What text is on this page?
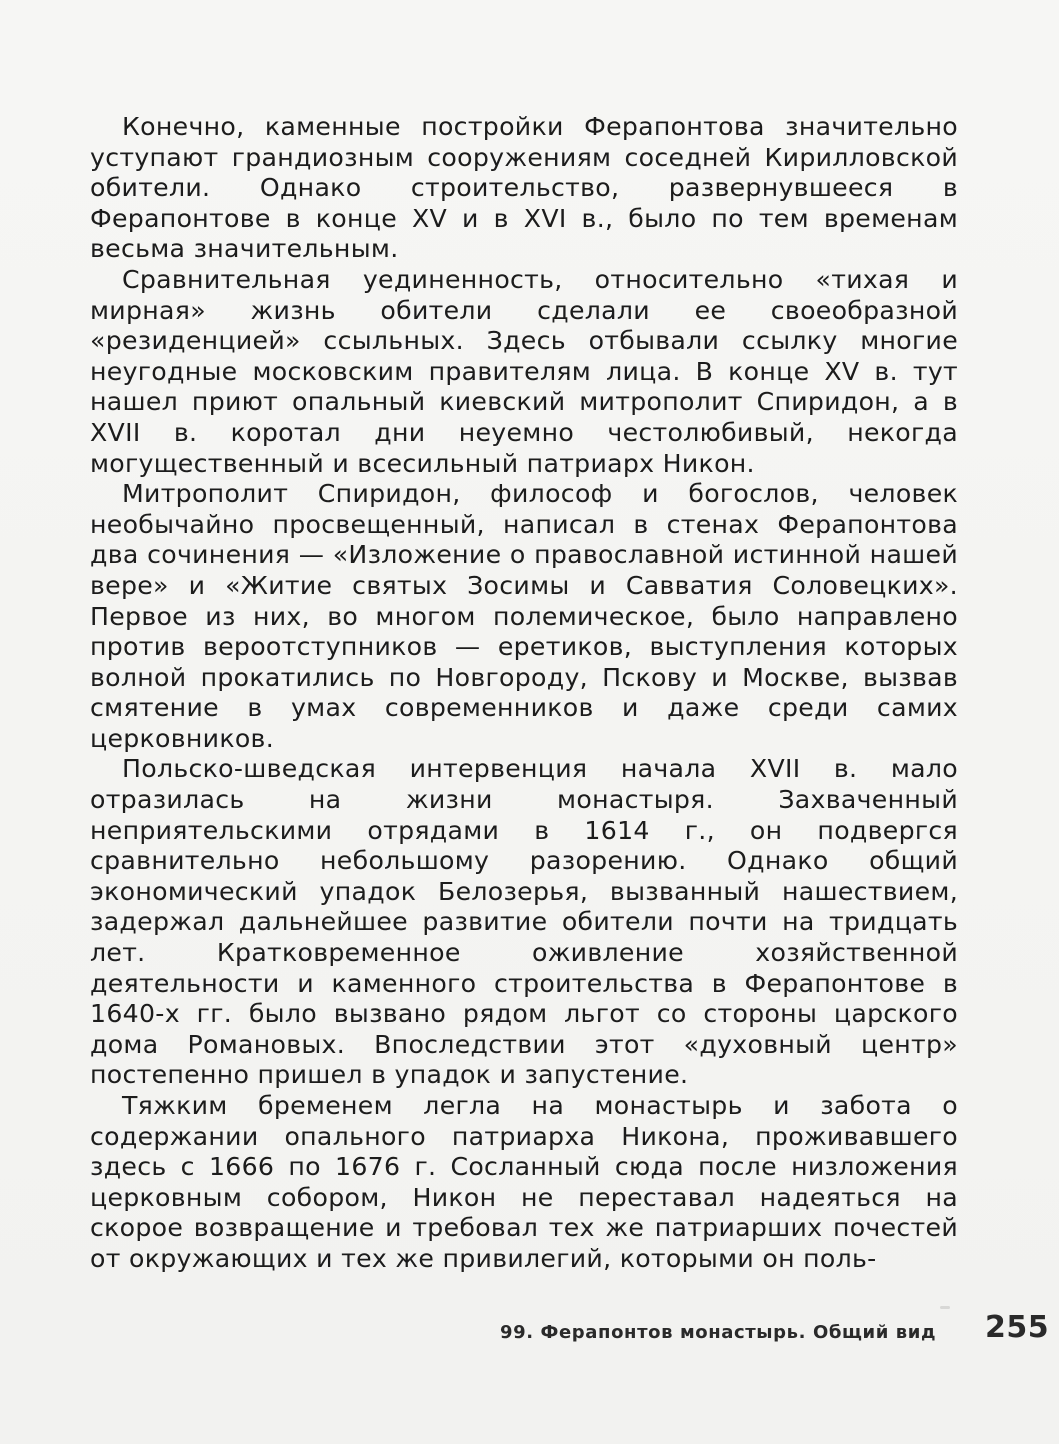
Конечно, каменные постройки Ферапонтова значительно уступают грандиозным сооружениям соседней Кирилловской обители. Однако строительство, развернувшееся в Ферапонтове в конце XV и в XVI в., было по тем временам весьма значительным.

Сравнительная уединенность, относительно «тихая и мирная» жизнь обители сделали ее своеобразной «резиденцией» ссыльных. Здесь отбывали ссылку многие неугодные московским правителям лица. В конце XV в. тут нашел приют опальный киевский митрополит Спиридон, а в XVII в. коротал дни неуемно честолюбивый, некогда могущественный и всесильный патриарх Никон.

Митрополит Спиридон, философ и богослов, человек необычайно просвещенный, написал в стенах Ферапонтова два сочинения — «Изложение о православной истинной нашей вере» и «Житие святых Зосимы и Савватия Соловецких». Первое из них, во многом полемическое, было направлено против вероотступников — еретиков, выступления которых волной прокатились по Новгороду, Пскову и Москве, вызвав смятение в умах современников и даже среди самих церковников.

Польско-шведская интервенция начала XVII в. мало отразилась на жизни монастыря. Захваченный неприятельскими отрядами в 1614 г., он подвергся сравнительно небольшому разорению. Однако общий экономический упадок Белозерья, вызванный нашествием, задержал дальнейшее развитие обители почти на тридцать лет. Кратковременное оживление хозяйственной деятельности и каменного строительства в Ферапонтове в 1640-х гг. было вызвано рядом льгот со стороны царского дома Романовых. Впоследствии этот «духовный центр» постепенно пришел в упадок и запустение.

Тяжким бременем легла на монастырь и забота о содержании опального патриарха Никона, проживавшего здесь с 1666 по 1676 г. Сосланный сюда после низложения церковным собором, Никон не переставал надеяться на скорое возвращение и требовал тех же патриарших почестей от окружающих и тех же привилегий, которыми он поль-

99. Ферапонтов монастырь. Общий вид 255
